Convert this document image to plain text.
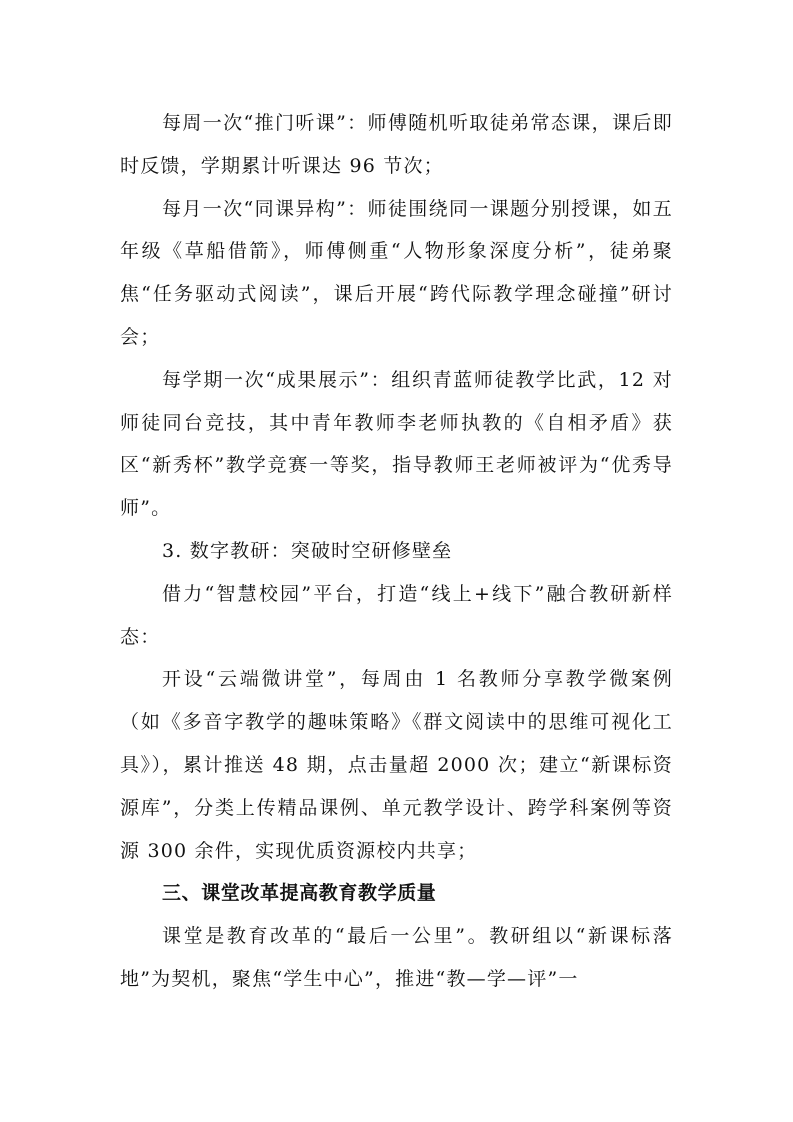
每周一次“推门听课”：师傅随机听取徒弟常态课，课后即时反馈，学期累计听课达 96 节次；

每月一次“同课异构”：师徒围绕同一课题分别授课，如五年级《草船借箭》，师傅侧重“人物形象深度分析”，徒弟聚焦“任务驱动式阅读”，课后开展“跨代际教学理念碰撞”研讨会；

每学期一次“成果展示”：组织青蓝师徒教学比武，12 对师徒同台竞技，其中青年教师李老师执教的《自相矛盾》获区“新秀杯”教学竞赛一等奖，指导教师王老师被评为“优秀导师”。

3. 数字教研：突破时空研修壁垒

借力“智慧校园”平台，打造“线上+线下”融合教研新样态：

开设“云端微讲堂”，每周由 1 名教师分享教学微案例（如《多音字教学的趣味策略》《群文阅读中的思维可视化工具》），累计推送 48 期，点击量超 2000 次；建立“新课标资源库”，分类上传精品课例、单元教学设计、跨学科案例等资源 300 余件，实现优质资源校内共享；

三、课堂改革提高教育教学质量

课堂是教育改革的“最后一公里”。教研组以“新课标落地”为契机，聚焦“学生中心”，推进“教—学—评”一
